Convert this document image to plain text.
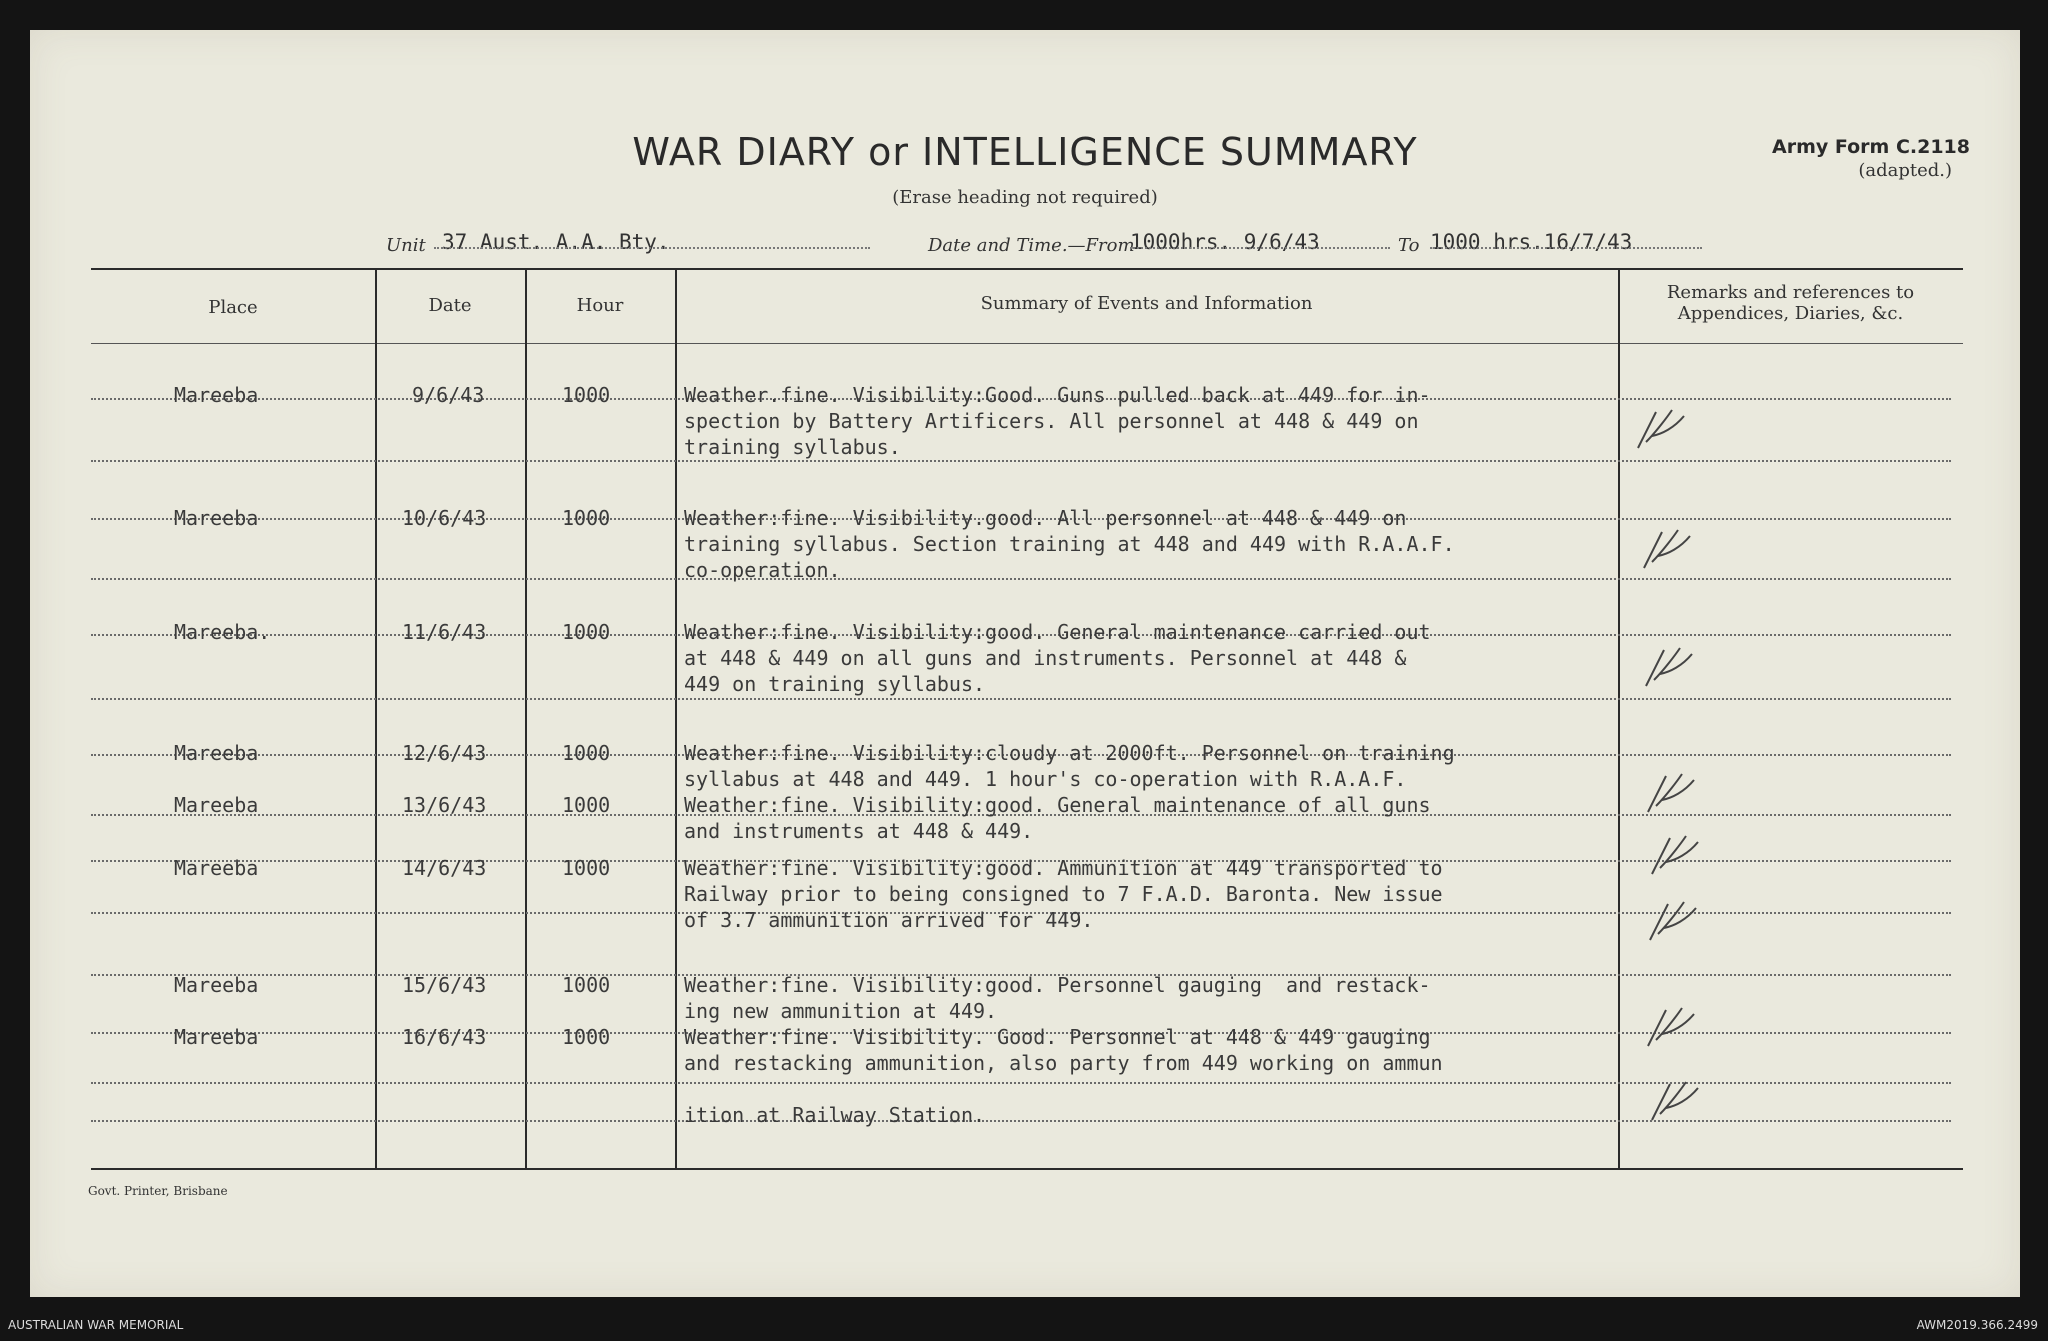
WAR DIARY or INTELLIGENCE SUMMARY
(Erase heading not required)
Army Form C.2118
(adapted.)
Unit 37 Aust. A.A. Bty.	Date and Time.—From
1000hrs. 9/6/43	To 1000 hrs.16/7/43
Place	Date	Hour	Summary of Events and Information
Remarks and references to
Appendices, Diaries, &c.
Mareeba	9/6/43	1000	Weather.fine. Visibility:Good. Guns pulled back at 449 for in-
spection by Battery Artificers. All personnel at 448 & 449 on
training syllabus.
Mareeba	10/6/43	1000	Weather:fine. Visibility.good. All personnel at 448 & 449 on
training syllabus. Section training at 448 and 449 with R.A.A.F.
co-operation.
Mareeba.	11/6/43	1000	Weather:fine. Visibility:good. General maintenance carried out
at 448 & 449 on all guns and instruments. Personnel at 448 &
449 on training syllabus.
Mareeba	12/6/43	1000	Weather:fine. Visibility:cloudy at 2000ft. Personnel on training
syllabus at 448 and 449. 1 hour's co-operation with R.A.A.F.
Mareeba	13/6/43	1000	Weather:fine. Visibility:good. General maintenance of all guns
and instruments at 448 & 449.
Mareeba	14/6/43	1000	Weather:fine. Visibility:good. Ammunition at 449 transported to
Railway prior to being consigned to 7 F.A.D. Baronta. New issue
of 3.7 ammunition arrived for 449.
Mareeba	15/6/43	1000	Weather:fine. Visibility:good. Personnel gauging  and restack-
ing new ammunition at 449.
Mareeba	16/6/43	1000	Weather:fine. Visibility. Good. Personnel at 448 & 449 gauging
and restacking ammunition, also party from 449 working on ammun

ition at Railway Station.
Govt. Printer, Brisbane
AUSTRALIAN WAR MEMORIAL	AWM2019.366.2499
